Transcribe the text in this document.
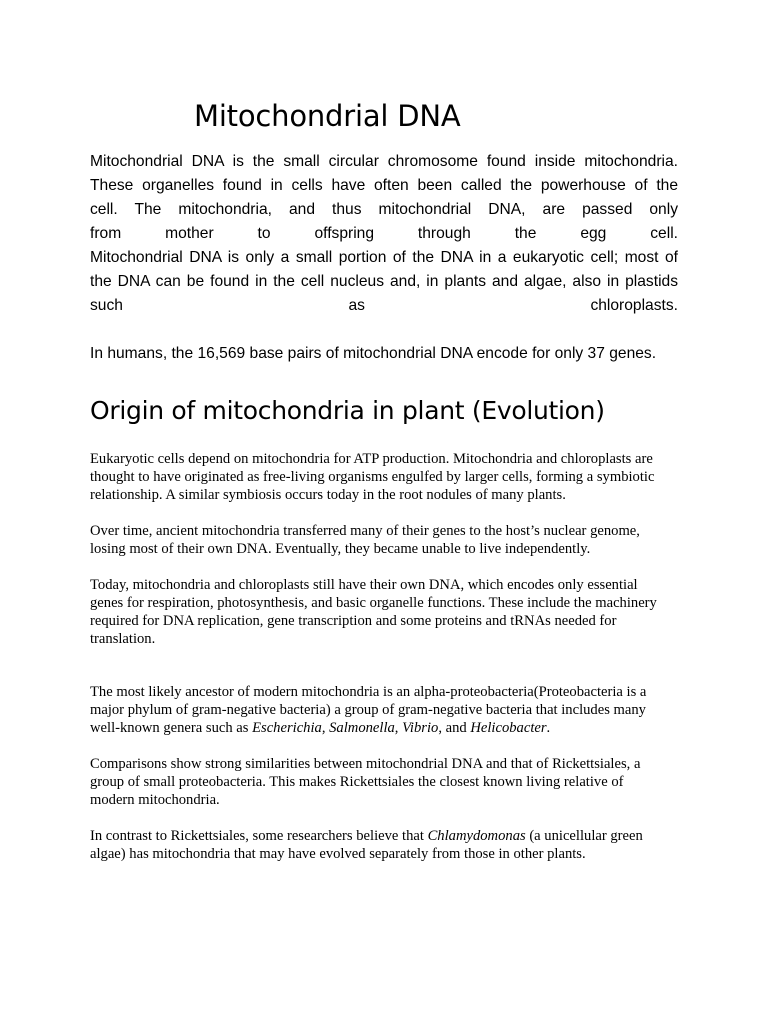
Mitochondrial DNA
Mitochondrial DNA is the small circular chromosome found inside mitochondria.
These organelles found in cells have often been called the powerhouse of the
cell. The mitochondria, and thus mitochondrial DNA, are passed only
from mother to offspring through the egg cell.
Mitochondrial DNA is only a small portion of the DNA in a eukaryotic cell; most of
the DNA can be found in the cell nucleus and, in plants and algae, also in plastids
such as chloroplasts.
In humans, the 16,569 base pairs of mitochondrial DNA encode for only 37 genes.
Origin of mitochondria in plant (Evolution)

Eukaryotic cells depend on mitochondria for ATP production. Mitochondria and chloroplasts are
thought to have originated as free-living organisms engulfed by larger cells, forming a symbiotic
relationship. A similar symbiosis occurs today in the root nodules of many plants.

Over time, ancient mitochondria transferred many of their genes to the host’s nuclear genome,
losing most of their own DNA. Eventually, they became unable to live independently.

Today, mitochondria and chloroplasts still have their own DNA, which encodes only essential
genes for respiration, photosynthesis, and basic organelle functions. These include the machinery
required for DNA replication, gene transcription and some proteins and tRNAs needed for
translation.

The most likely ancestor of modern mitochondria is an alpha-proteobacteria(Proteobacteria is a
major phylum of gram-negative bacteria) a group of gram-negative bacteria that includes many
well-known genera such as Escherichia, Salmonella, Vibrio, and Helicobacter.

Comparisons show strong similarities between mitochondrial DNA and that of Rickettsiales, a
group of small proteobacteria. This makes Rickettsiales the closest known living relative of
modern mitochondria.

In contrast to Rickettsiales, some researchers believe that Chlamydomonas (a unicellular green
algae) has mitochondria that may have evolved separately from those in other plants.
